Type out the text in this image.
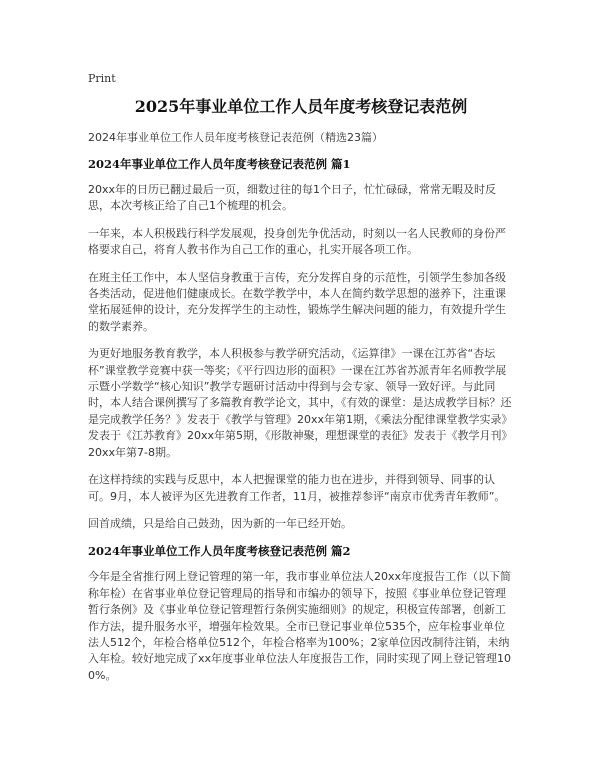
Print
2025年事业单位工作人员年度考核登记表范例
2024年事业单位工作人员年度考核登记表范例（精选23篇）
2024年事业单位工作人员年度考核登记表范例 篇1

20xx年的日历已翻过最后一页，细数过往的每1个日子，忙忙碌碌，常常无暇及时反思，本次考核正给了自己1个梳理的机会。

一年来，本人积极践行科学发展观，投身创先争优活动，时刻以一名人民教师的身份严格要求自己，将育人教书作为自己工作的重心，扎实开展各项工作。

在班主任工作中，本人坚信身教重于言传，充分发挥自身的示范性，引领学生参加各级各类活动，促进他们健康成长。在数学教学中，本人在简约数学思想的滋养下，注重课堂拓展延伸的设计，充分发挥学生的主动性，锻炼学生解决问题的能力，有效提升学生的数学素养。

为更好地服务教育教学，本人积极参与教学研究活动，《运算律》一课在江苏省“杏坛杯”课堂教学竞赛中获一等奖；《平行四边形的面积》一课在江苏省苏派青年名师教学展示暨小学数学“核心知识”教学专题研讨活动中得到与会专家、领导一致好评。与此同时，本人结合课例撰写了多篇教育教学论文，其中，《有效的课堂：是达成教学目标？还是完成教学任务？》发表于《教学与管理》20xx年第1期，《乘法分配律课堂教学实录》发表于《江苏教育》20xx年第5期，《形散神聚，理想课堂的表征》发表于《教学月刊》20xx年第7-8期。

在这样持续的实践与反思中，本人把握课堂的能力也在进步，并得到领导、同事的认可。9月，本人被评为区先进教育工作者，11月，被推荐参评“南京市优秀青年教师”。

回首成绩，只是给自己鼓劲，因为新的一年已经开始。

2024年事业单位工作人员年度考核登记表范例 篇2

今年是全省推行网上登记管理的第一年，我市事业单位法人20xx年度报告工作（以下简称年检）在省事业单位登记管理局的指导和市编办的领导下，按照《事业单位登记管理暂行条例》及《事业单位登记管理暂行条例实施细则》的规定，积极宣传部署，创新工作方法，提升服务水平，增强年检效果。全市已登记事业单位535个，应年检事业单位法人512个，年检合格单位512个，年检合格率为100%；2家单位因改制待注销，未纳入年检。较好地完成了xx年度事业单位法人年度报告工作，同时实现了网上登记管理100%。
